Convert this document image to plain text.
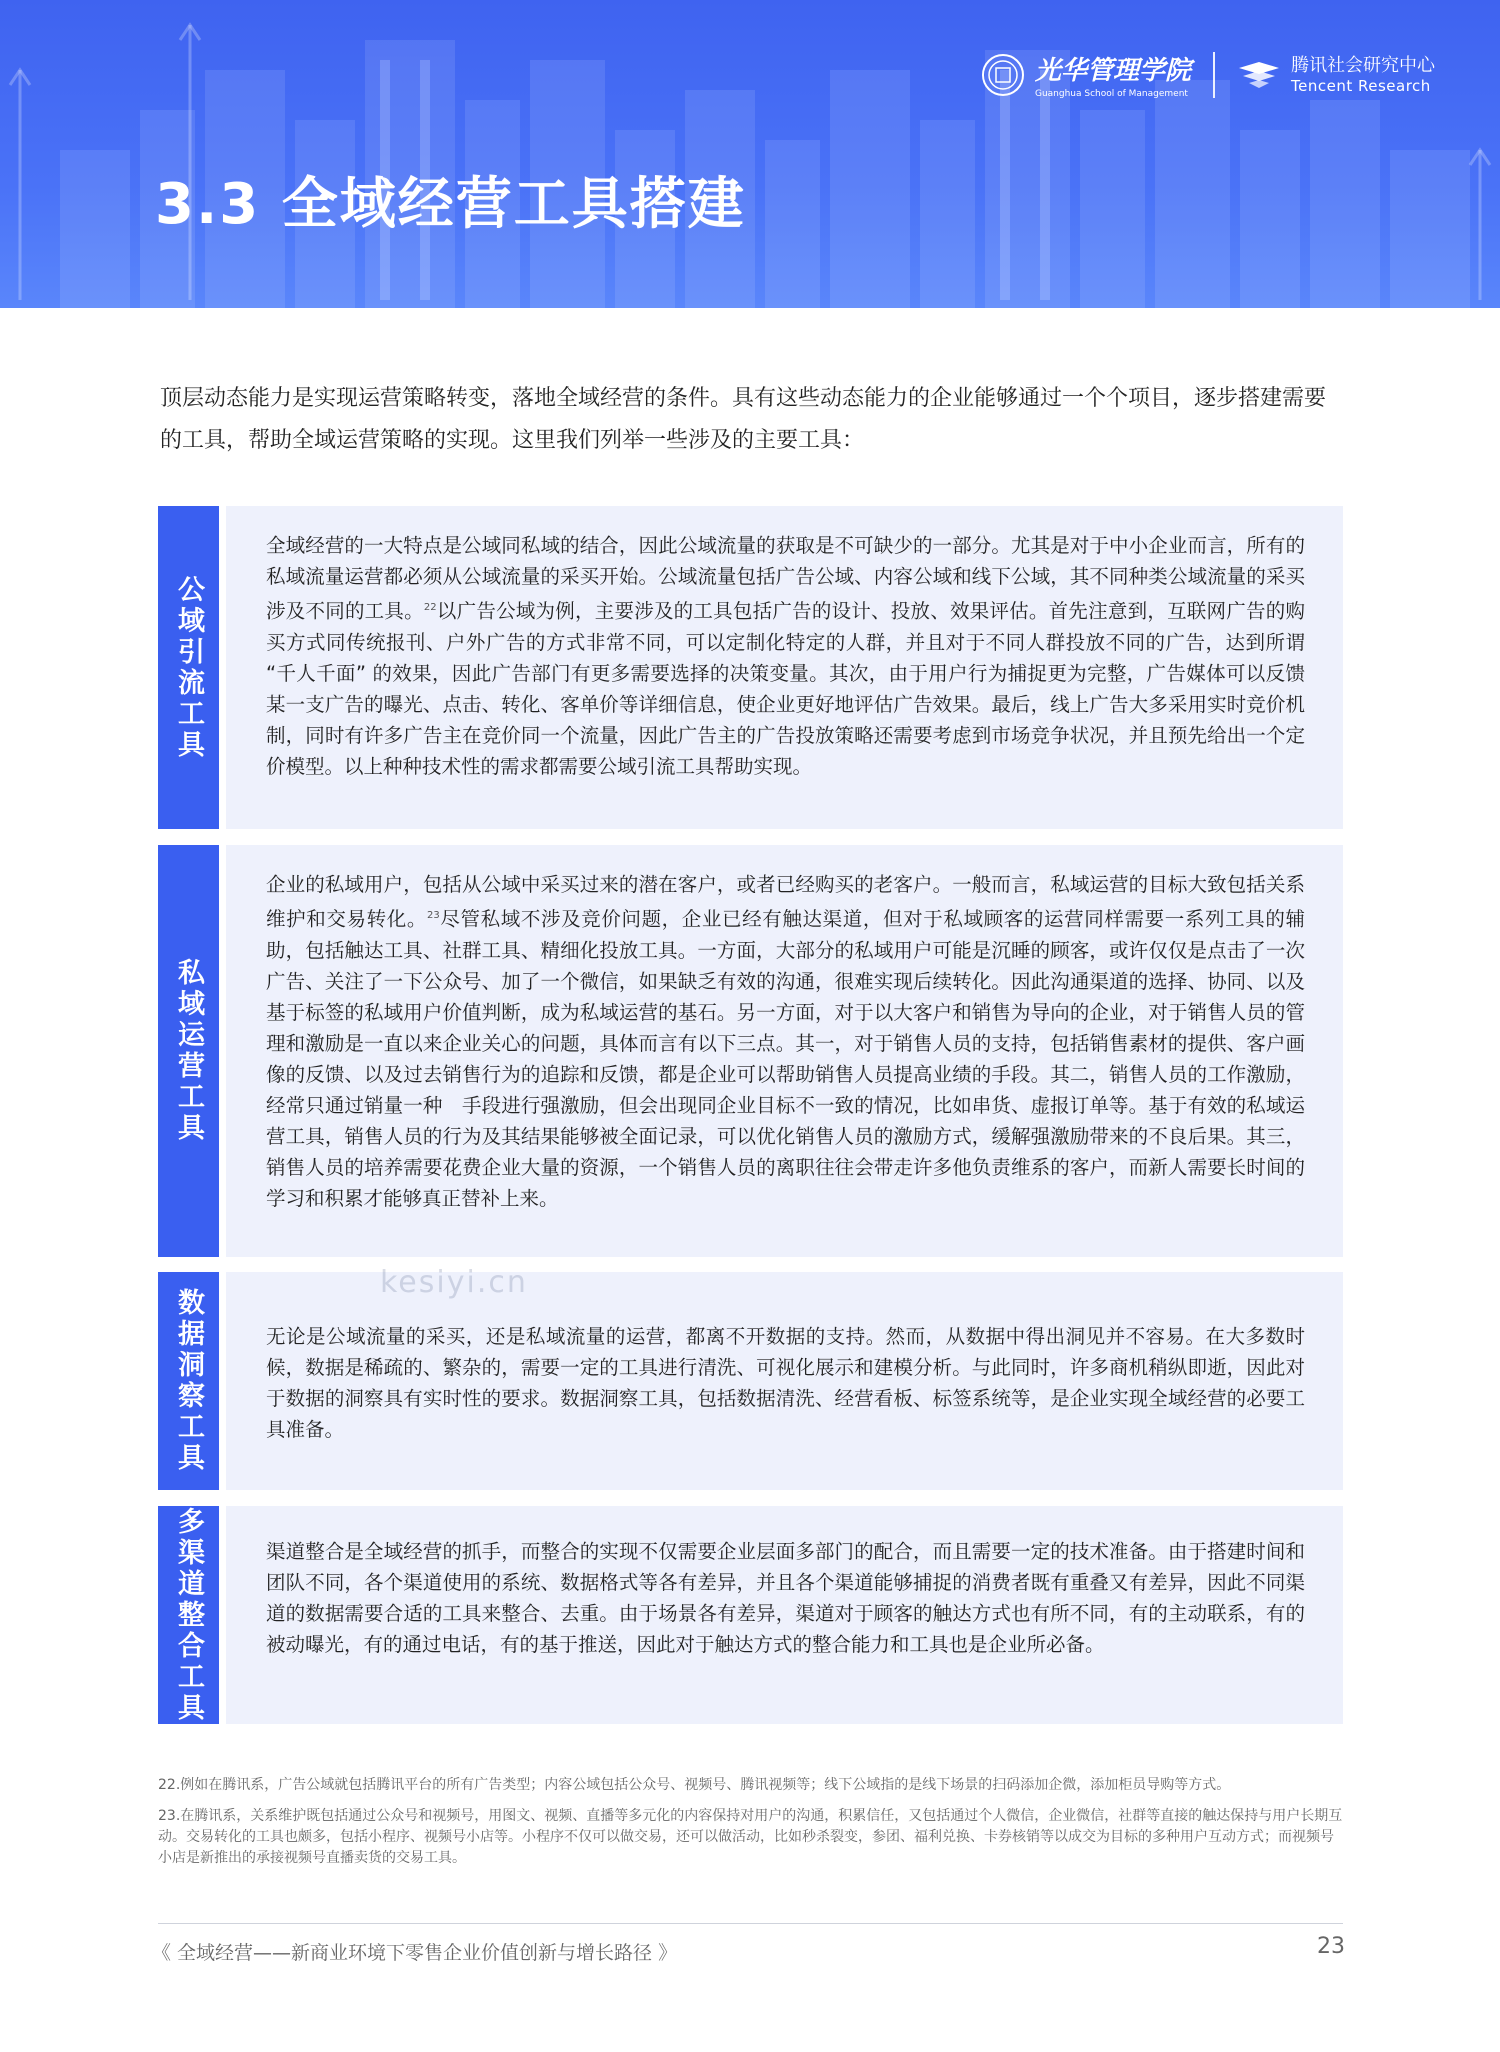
光华管理学院
Guanghua School of Management
腾讯社会研究中心
Tencent Research
3.3 全域经营工具搭建
顶层动态能力是实现运营策略转变，落地全域经营的条件。具有这些动态能力的企业能够通过一个个项目，逐步搭建需要的工具，帮助全域运营策略的实现。这里我们列举一些涉及的主要工具：
公域引流工具

全域经营的一大特点是公域同私域的结合，因此公域流量的获取是不可缺少的一部分。尤其是对于中小企业而言，所有的私域流量运营都必须从公域流量的采买开始。公域流量包括广告公域、内容公域和线下公域，其不同种类公域流量的采买涉及不同的工具。$^{22}$以广告公域为例，主要涉及的工具包括广告的设计、投放、效果评估。首先注意到，互联网广告的购买方式同传统报刊、户外广告的方式非常不同，可以定制化特定的人群，并且对于不同人群投放不同的广告，达到所谓 “千人千面” 的效果，因此广告部门有更多需要选择的决策变量。其次，由于用户行为捕捉更为完整，广告媒体可以反馈某一支广告的曝光、点击、转化、客单价等详细信息，使企业更好地评估广告效果。最后，线上广告大多采用实时竞价机制，同时有许多广告主在竞价同一个流量，因此广告主的广告投放策略还需要考虑到市场竞争状况，并且预先给出一个定价模型。以上种种技术性的需求都需要公域引流工具帮助实现。

私域运营工具

企业的私域用户，包括从公域中采买过来的潜在客户，或者已经购买的老客户。一般而言，私域运营的目标大致包括关系维护和交易转化。$^{23}$尽管私域不涉及竞价问题，企业已经有触达渠道，但对于私域顾客的运营同样需要一系列工具的辅助，包括触达工具、社群工具、精细化投放工具。一方面，大部分的私域用户可能是沉睡的顾客，或许仅仅是点击了一次广告、关注了一下公众号、加了一个微信，如果缺乏有效的沟通，很难实现后续转化。因此沟通渠道的选择、协同、以及基于标签的私域用户价值判断，成为私域运营的基石。另一方面，对于以大客户和销售为导向的企业，对于销售人员的管理和激励是一直以来企业关心的问题，具体而言有以下三点。其一，对于销售人员的支持，包括销售素材的提供、客户画像的反馈、以及过去销售行为的追踪和反馈，都是企业可以帮助销售人员提高业绩的手段。其二，销售人员的工作激励，经常只通过销量一种　手段进行强激励，但会出现同企业目标不一致的情况，比如串货、虚报订单等。基于有效的私域运营工具，销售人员的行为及其结果能够被全面记录，可以优化销售人员的激励方式，缓解强激励带来的不良后果。其三，销售人员的培养需要花费企业大量的资源，一个销售人员的离职往往会带走许多他负责维系的客户，而新人需要长时间的学习和积累才能够真正替补上来。

数据洞察工具	无论是公域流量的采买，还是私域流量的运营，都离不开数据的支持。然而，从数据中得出洞见并不容易。在大多数时候，数据是稀疏的、繁杂的，需要一定的工具进行清洗、可视化展示和建模分析。与此同时，许多商机稍纵即逝，因此对于数据的洞察具有实时性的要求。数据洞察工具，包括数据清洗、经营看板、标签系统等，是企业实现全域经营的必要工具准备。

多渠道整合工具	渠道整合是全域经营的抓手，而整合的实现不仅需要企业层面多部门的配合，而且需要一定的技术准备。由于搭建时间和团队不同，各个渠道使用的系统、数据格式等各有差异，并且各个渠道能够捕捉的消费者既有重叠又有差异，因此不同渠道的数据需要合适的工具来整合、去重。由于场景各有差异，渠道对于顾客的触达方式也有所不同，有的主动联系，有的被动曝光，有的通过电话，有的基于推送，因此对于触达方式的整合能力和工具也是企业所必备。

kesiyi.cn

22.例如在腾讯系，广告公域就包括腾讯平台的所有广告类型；内容公域包括公众号、视频号、腾讯视频等；线下公域指的是线下场景的扫码添加企微，添加柜员导购等方式。

23.在腾讯系，关系维护既包括通过公众号和视频号，用图文、视频、直播等多元化的内容保持对用户的沟通，积累信任，又包括通过个人微信，企业微信，社群等直接的触达保持与用户长期互动。交易转化的工具也颇多，包括小程序、视频号小店等。小程序不仅可以做交易，还可以做活动，比如秒杀裂变，参团、福利兑换、卡券核销等以成交为目标的多种用户互动方式；而视频号小店是新推出的承接视频号直播卖货的交易工具。

《 全域经营——新商业环境下零售企业价值创新与增长路径 》	23
